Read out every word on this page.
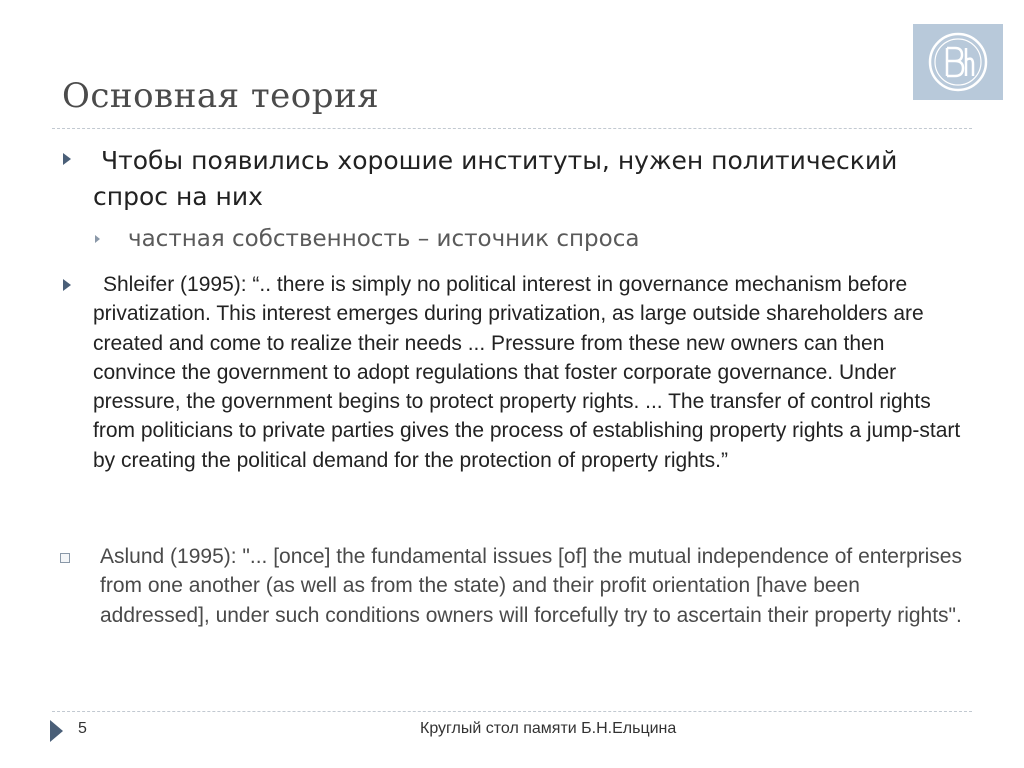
Основная теория
Чтобы появились хорошие институты, нужен политический спрос на них
частная собственность – источник спроса
Shleifer (1995): “.. there is simply no political interest in governance mechanism before privatization. This interest emerges during privatization, as large outside shareholders are created and come to realize their needs ... Pressure from these new owners can then convince the government to adopt regulations that foster corporate governance. Under pressure, the government begins to protect property rights. ... The transfer of control rights from politicians to private parties gives the process of establishing property rights a jump-start by creating the political demand for the protection of property rights.”
Aslund (1995): "... [once] the fundamental issues [of] the mutual independence of enterprises from one another (as well as from the state) and their profit orientation [have been addressed], under such conditions owners will forcefully try to ascertain their property rights".
5	Круглый стол памяти Б.Н.Ельцина
